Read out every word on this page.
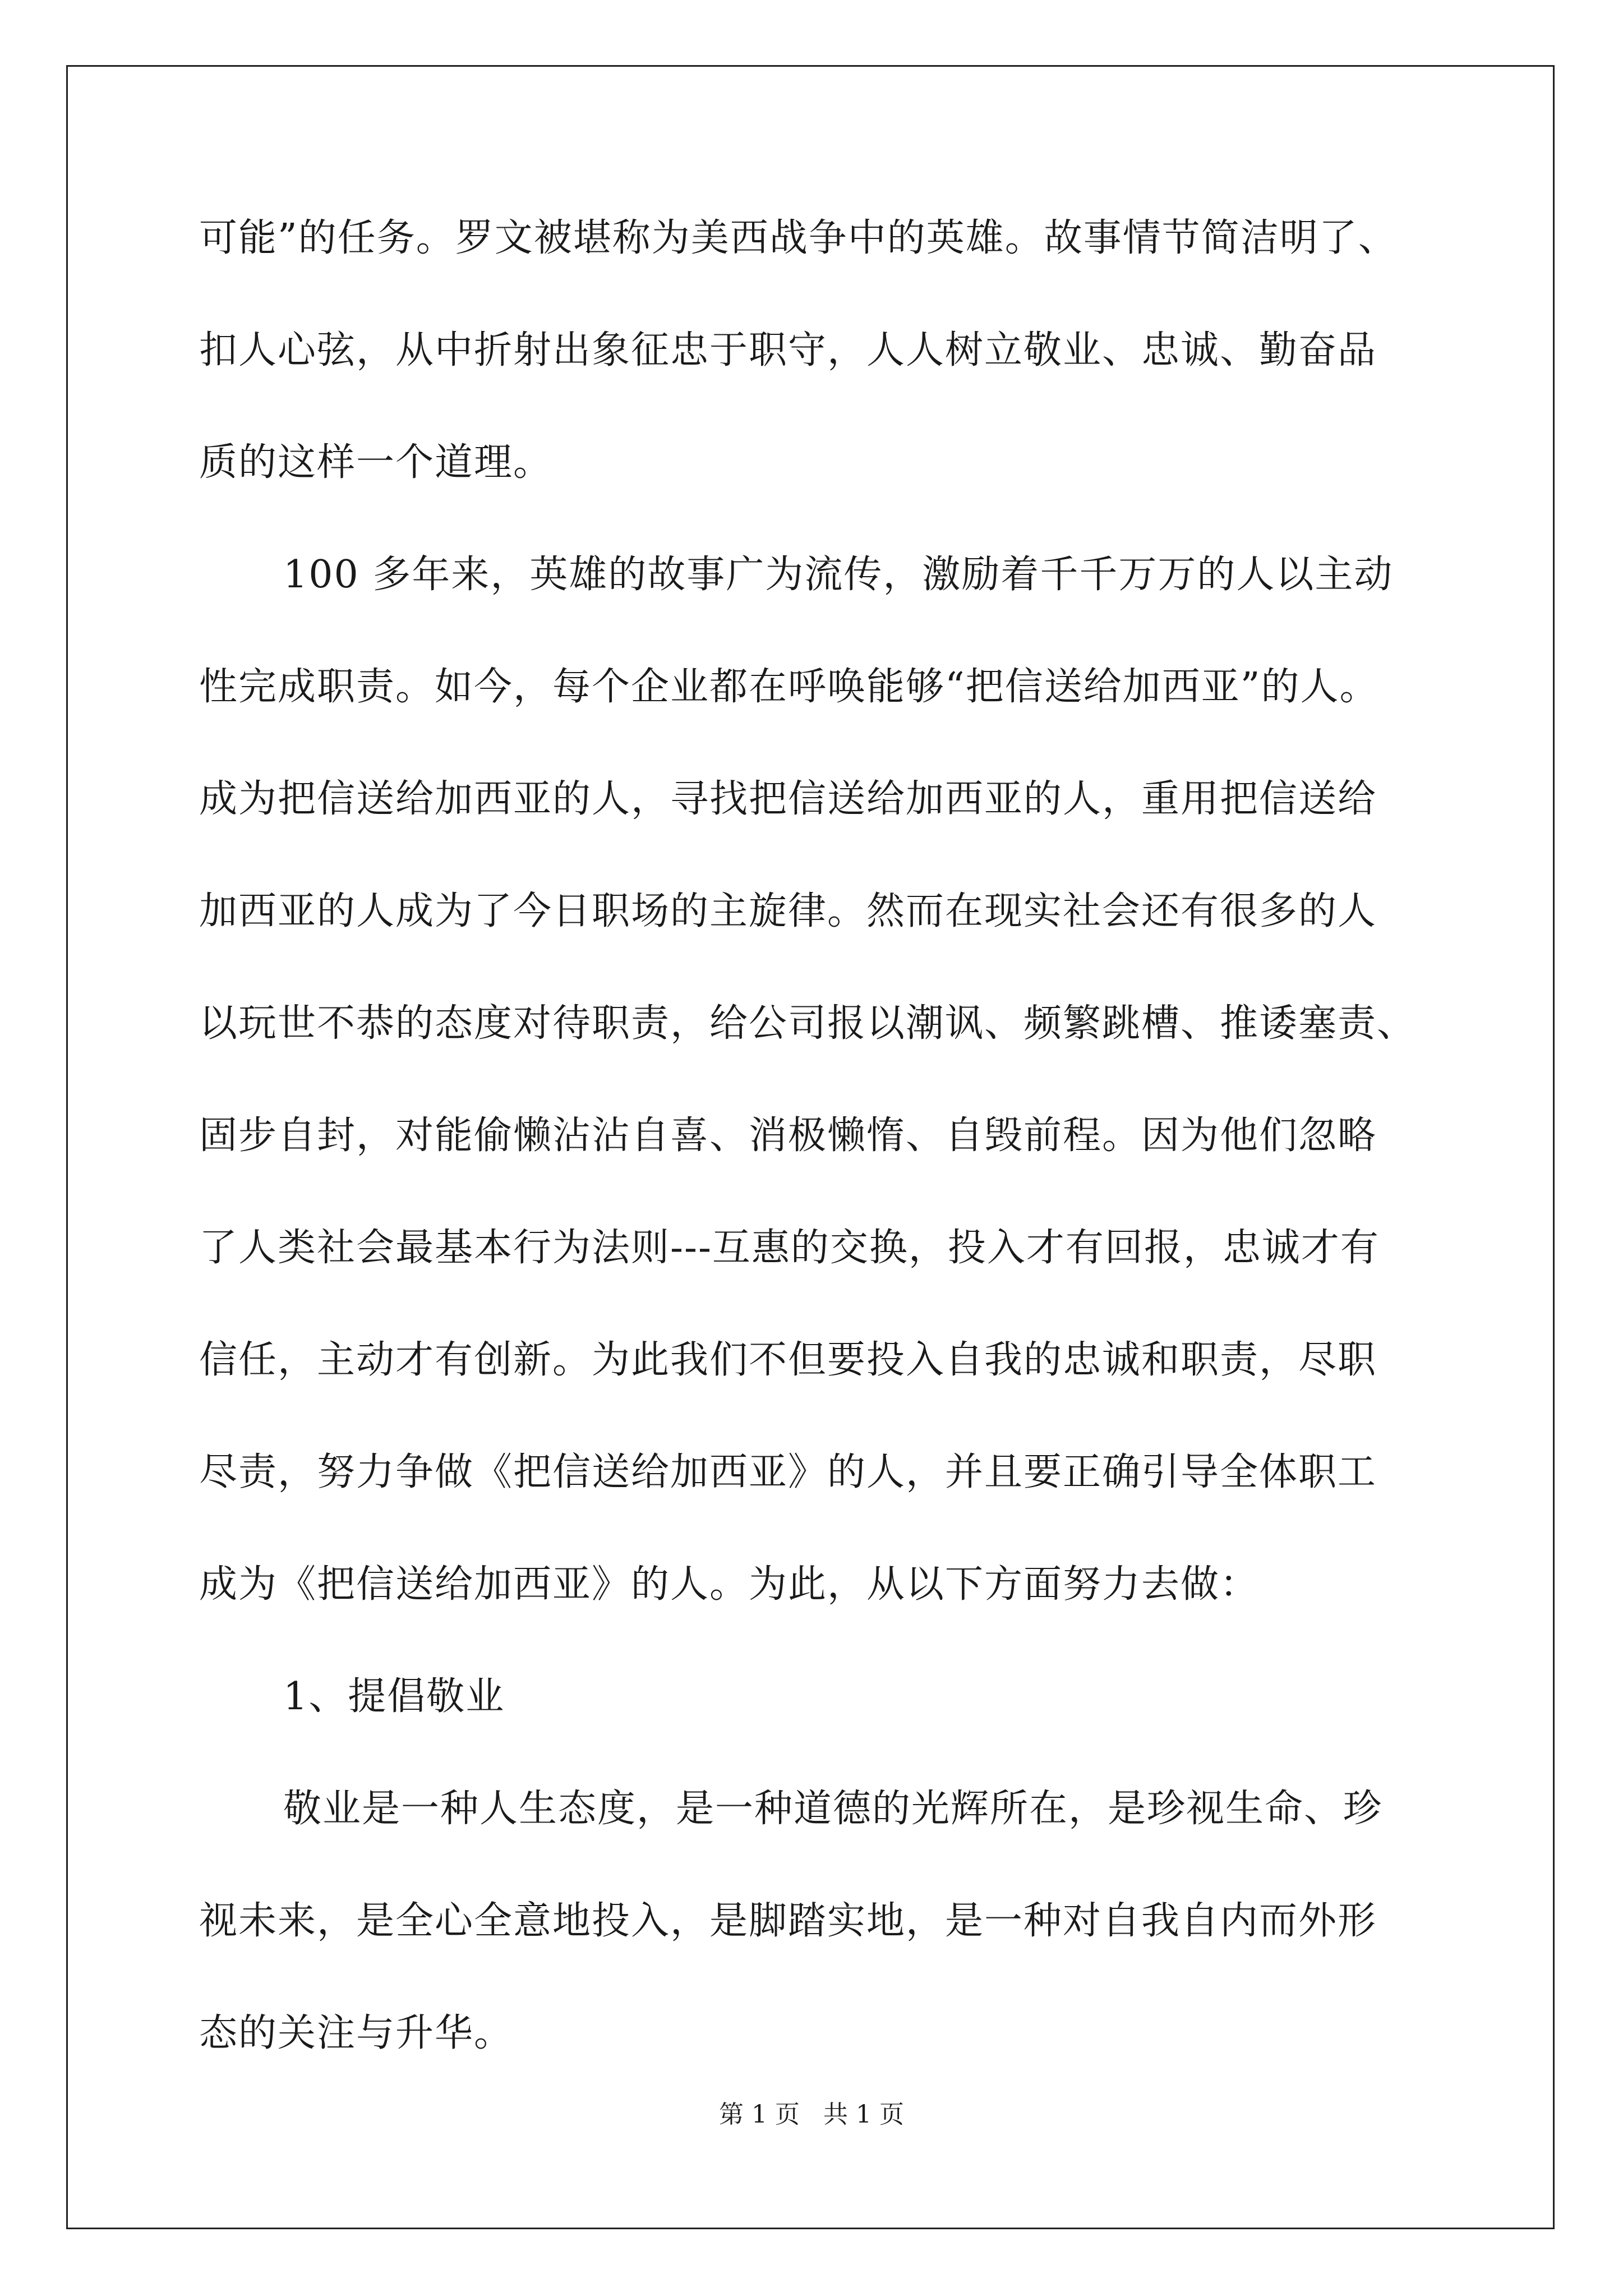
可能”的任务。罗文被堪称为美西战争中的英雄。故事情节简洁明了、
扣人心弦，从中折射出象征忠于职守，人人树立敬业、忠诚、勤奋品
质的这样一个道理。
100 多年来，英雄的故事广为流传，激励着千千万万的人以主动
性完成职责。如今，每个企业都在呼唤能够“把信送给加西亚”的人。
成为把信送给加西亚的人，寻找把信送给加西亚的人，重用把信送给
加西亚的人成为了今日职场的主旋律。然而在现实社会还有很多的人
以玩世不恭的态度对待职责，给公司报以潮讽、频繁跳槽、推诿塞责、
固步自封，对能偷懒沾沾自喜、消极懒惰、自毁前程。因为他们忽略
了人类社会最基本行为法则---互惠的交换，投入才有回报，忠诚才有
信任，主动才有创新。为此我们不但要投入自我的忠诚和职责，尽职
尽责，努力争做《把信送给加西亚》的人，并且要正确引导全体职工
成为《把信送给加西亚》的人。为此，从以下方面努力去做：
1、提倡敬业
敬业是一种人生态度，是一种道德的光辉所在，是珍视生命、珍
视未来，是全心全意地投入，是脚踏实地，是一种对自我自内而外形
态的关注与升华。
第 1 页   共 1 页
